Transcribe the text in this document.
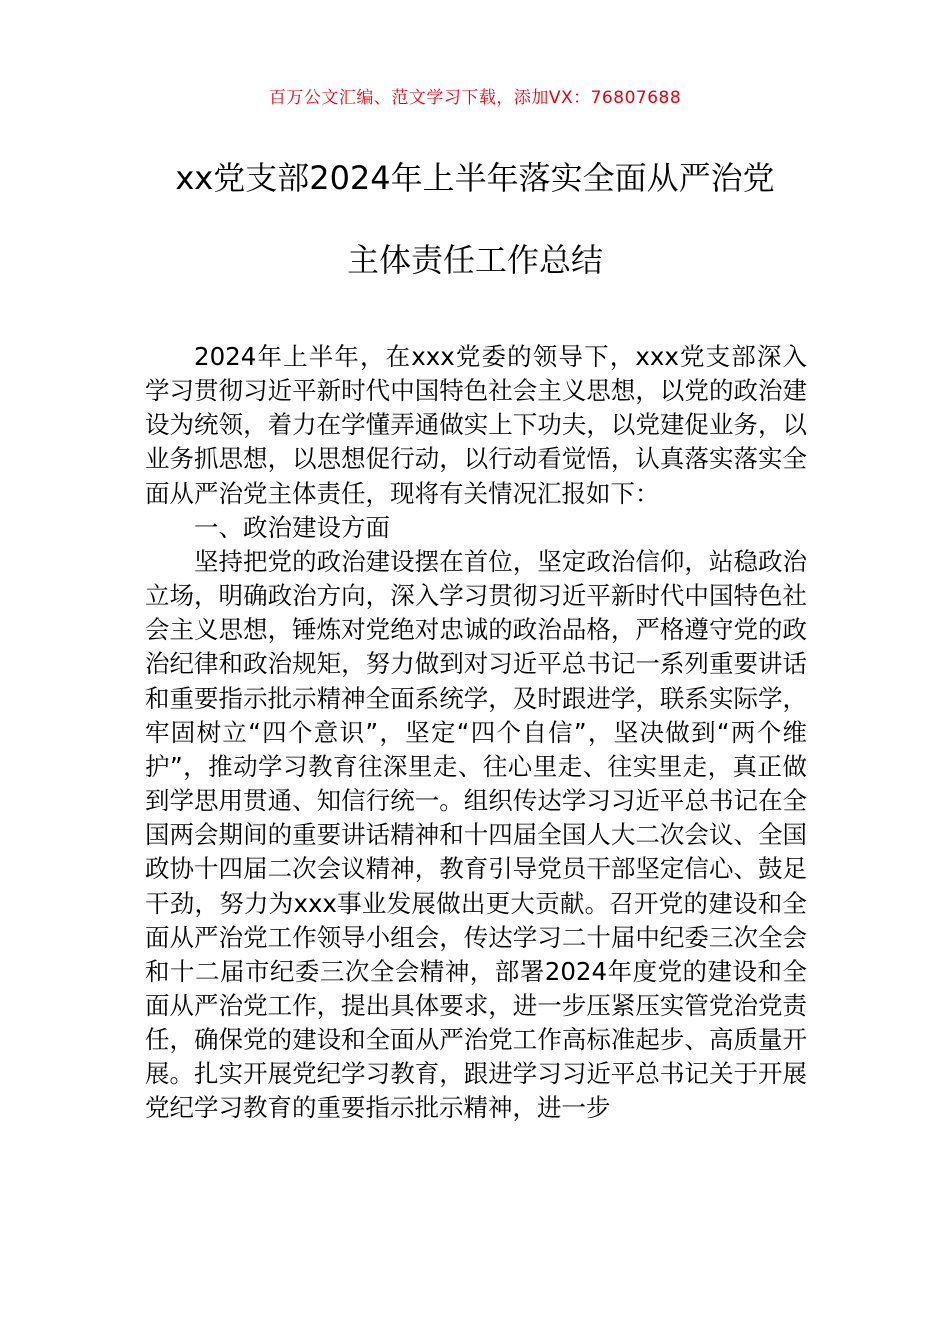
百万公文汇编、范文学习下载，添加VX：76807688
xx党支部2024年上半年落实全面从严治党
主体责任工作总结

2024年上半年，在xxx党委的领导下，xxx党支部深入学习贯彻习近平新时代中国特色社会主义思想，以党的政治建设为统领，着力在学懂弄通做实上下功夫，以党建促业务，以业务抓思想，以思想促行动，以行动看觉悟，认真落实落实全面从严治党主体责任，现将有关情况汇报如下：

一、政治建设方面

坚持把党的政治建设摆在首位，坚定政治信仰，站稳政治立场，明确政治方向，深入学习贯彻习近平新时代中国特色社会主义思想，锤炼对党绝对忠诚的政治品格，严格遵守党的政治纪律和政治规矩，努力做到对习近平总书记一系列重要讲话和重要指示批示精神全面系统学，及时跟进学，联系实际学，牢固树立“四个意识”，坚定“四个自信”，坚决做到“两个维护”，推动学习教育往深里走、往心里走、往实里走，真正做到学思用贯通、知信行统一。组织传达学习习近平总书记在全国两会期间的重要讲话精神和十四届全国人大二次会议、全国政协十四届二次会议精神，教育引导党员干部坚定信心、鼓足干劲，努力为xxx事业发展做出更大贡献。召开党的建设和全面从严治党工作领导小组会，传达学习二十届中纪委三次全会和十二届市纪委三次全会精神，部署2024年度党的建设和全面从严治党工作，提出具体要求，进一步压紧压实管党治党责任，确保党的建设和全面从严治党工作高标准起步、高质量开展。扎实开展党纪学习教育，跟进学习习近平总书记关于开展党纪学习教育的重要指示批示精神，进一步
